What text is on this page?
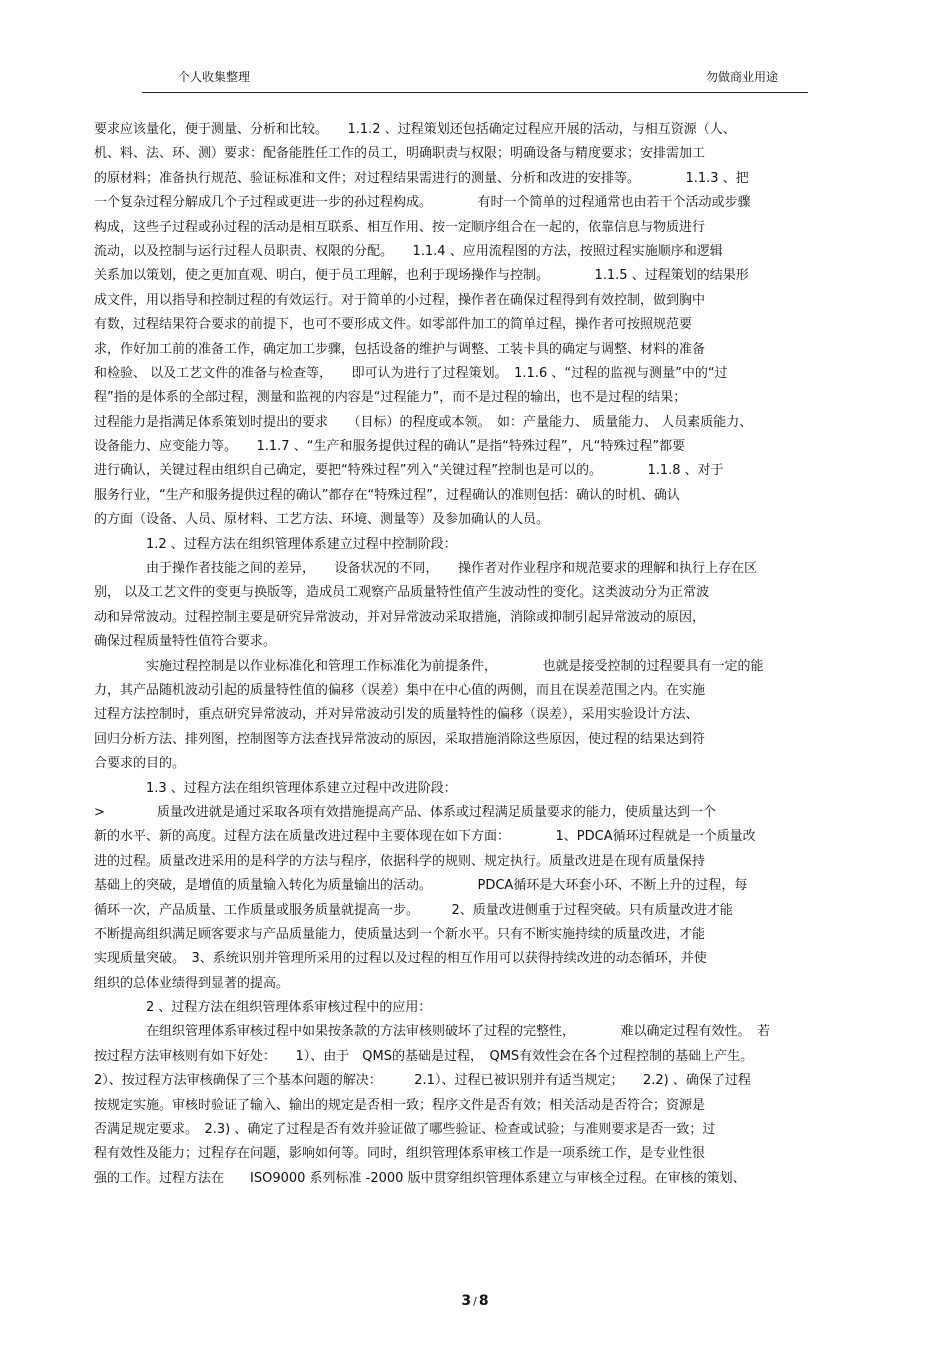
个人收集整理	勿做商业用途
要求应该量化，便于测量、分析和比较。　　1.1.2 、过程策划还包括确定过程应开展的活动，与相互资源（人、
机、料、法、环、测）要求：配备能胜任工作的员工，明确职责与权限；明确设备与精度要求；安排需加工
的原材料；准备执行规范、验证标准和文件；对过程结果需进行的测量、分析和改进的安排等。　　　　1.1.3 、把
一个复杂过程分解成几个子过程或更进一步的孙过程构成。　　　　有时一个简单的过程通常也由若干个活动或步骤
构成，这些子过程或孙过程的活动是相互联系、相互作用、按一定顺序组合在一起的，依靠信息与物质进行
流动，以及控制与运行过程人员职责、权限的分配。　　1.1.4 、应用流程图的方法，按照过程实施顺序和逻辑
关系加以策划，使之更加直观、明白，便于员工理解，也利于现场操作与控制。　　　　1.1.5 、过程策划的结果形
成文件，用以指导和控制过程的有效运行。对于简单的小过程，操作者在确保过程得到有效控制，做到胸中
有数，过程结果符合要求的前提下，也可不要形成文件。如零部件加工的简单过程，操作者可按照规范要
求，作好加工前的准备工作，确定加工步骤，包括设备的维护与调整、工装卡具的确定与调整、材料的准备
和检验、 以及工艺文件的准备与检查等，　　即可认为进行了过程策划。　1.1.6 、“过程的监视与测量”中的“过
程”指的是体系的全部过程，测量和监视的内容是“过程能力”，而不是过程的输出，也不是过程的结果；
过程能力是指满足体系策划时提出的要求　　（目标）的程度或本领。　如：产量能力、 质量能力、 人员素质能力、
设备能力、应变能力等。　　1.1.7 、“生产和服务提供过程的确认”是指“特殊过程”，凡“特殊过程”都要
进行确认，关键过程由组织自己确定，要把“特殊过程”列入“关键过程”控制也是可以的。　　　　1.1.8 、对于
服务行业，“生产和服务提供过程的确认”都存在“特殊过程”，过程确认的准则包括：确认的时机、确认
的方面（设备、人员、原材料、工艺方法、环境、测量等）及参加确认的人员。
　　　　1.2 、过程方法在组织管理体系建立过程中控制阶段：
　　　　由于操作者技能之间的差异，　　设备状况的不同，　　操作者对作业程序和规范要求的理解和执行上存在区
别， 以及工艺文件的变更与换版等，造成员工观察产品质量特性值产生波动性的变化。这类波动分为正常波
动和异常波动。过程控制主要是研究异常波动，并对异常波动采取措施，消除或抑制引起异常波动的原因，
确保过程质量特性值符合要求。
　　　　实施过程控制是以作业标准化和管理工作标准化为前提条件，　　　　也就是接受控制的过程要具有一定的能
力，其产品随机波动引起的质量特性值的偏移（误差）集中在中心值的两侧，而且在误差范围之内。在实施
过程方法控制时，重点研究异常波动，并对异常波动引发的质量特性的偏移（误差），采用实验设计方法、
回归分析方法、排列图，控制图等方法查找异常波动的原因，采取措施消除这些原因，使过程的结果达到符
合要求的目的。
　　　　1.3 、过程方法在组织管理体系建立过程中改进阶段：
>　　　　质量改进就是通过采取各项有效措施提高产品、体系或过程满足质量要求的能力，使质量达到一个
新的水平、新的高度。过程方法在质量改进过程中主要体现在如下方面：　　　　1、PDCA循环过程就是一个质量改
进的过程。质量改进采用的是科学的方法与程序，依据科学的规则、规定执行。质量改进是在现有质量保持
基础上的突破，是增值的质量输入转化为质量输出的活动。　　　　PDCA循环是大环套小环、不断上升的过程，每
循环一次，产品质量、工作质量或服务质量就提高一步。　　　2、质量改进侧重于过程突破。只有质量改进才能
不断提高组织满足顾客要求与产品质量能力，使质量达到一个新水平。只有不断实施持续的质量改进，才能
实现质量突破。　3、系统识别并管理所采用的过程以及过程的相互作用可以获得持续改进的动态循环，并使
组织的总体业绩得到显著的提高。
　　　　2 、过程方法在组织管理体系审核过程中的应用：
　　　　在组织管理体系审核过程中如果按条款的方法审核则破坏了过程的完整性，　　　　难以确定过程有效性。　若
按过程方法审核则有如下好处：　　1）、由于　QMS的基础是过程，　QMS有效性会在各个过程控制的基础上产生。
2）、按过程方法审核确保了三个基本问题的解决：　　　2.1）、过程已被识别并有适当规定；　　2.2) 、确保了过程
按规定实施。审核时验证了输入、输出的规定是否相一致；程序文件是否有效；相关活动是否符合；资源是
否满足规定要求。　2.3) 、确定了过程是否有效并验证做了哪些验证、检查或试验；与准则要求是否一致；过
程有效性及能力；过程存在问题，影响如何等。同时，组织管理体系审核工作是一项系统工作，是专业性很
强的工作。过程方法在　　ISO9000 系列标准 -2000 版中贯穿组织管理体系建立与审核全过程。在审核的策划、
3 / 8
